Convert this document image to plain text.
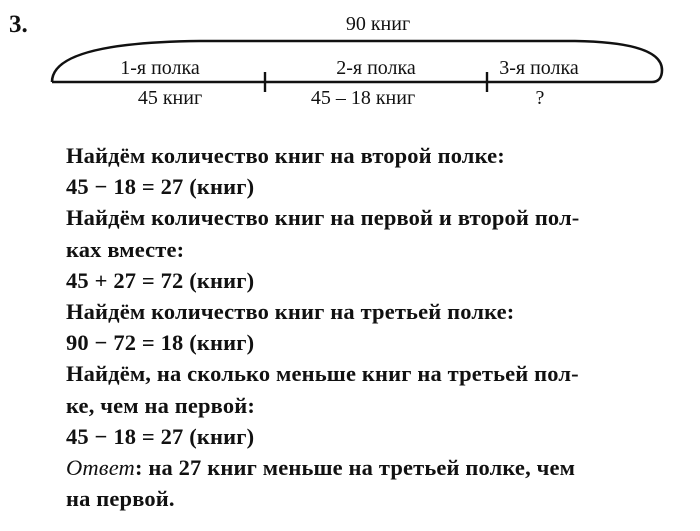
3.	90 книг
1-я полка	2-я полка	3-я полка
45 книг	45 – 18 книг	?
Найдём количество книг на второй полке:
45 − 18 = 27 (книг)
Найдём количество книг на первой и второй пол-
ках вместе:
45 + 27 = 72 (книг)
Найдём количество книг на третьей полке:
90 − 72 = 18 (книг)
Найдём, на сколько меньше книг на третьей пол-
ке, чем на первой:
45 − 18 = 27 (книг)
Ответ: на 27 книг меньше на третьей полке, чем
на первой.
